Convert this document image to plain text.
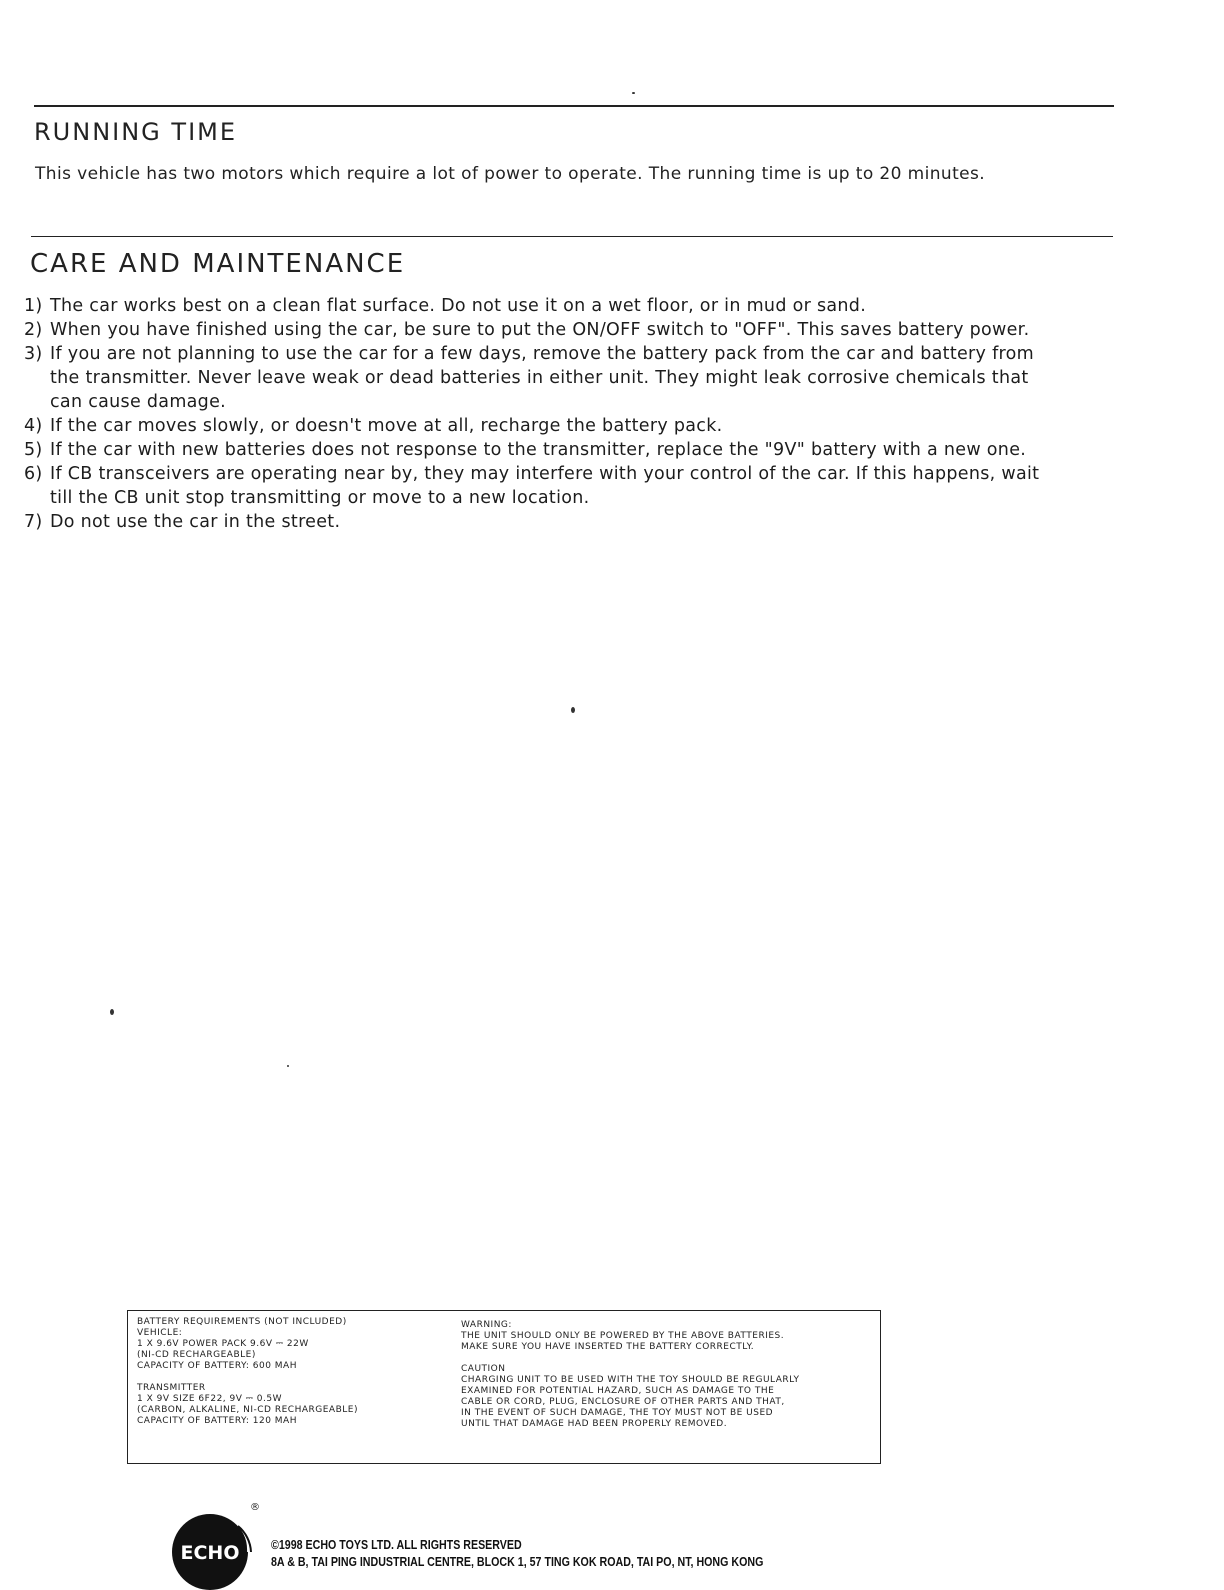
RUNNING TIME
This vehicle has two motors which require a lot of power to operate. The running time is up to 20 minutes.
CARE AND MAINTENANCE
1) The car works best on a clean flat surface. Do not use it on a wet floor, or in mud or sand.
2) When you have finished using the car, be sure to put the ON/OFF switch to "OFF". This saves battery power.
3) If you are not planning to use the car for a few days, remove the battery pack from the car and battery from the transmitter. Never leave weak or dead batteries in either unit. They might leak corrosive chemicals that can cause damage.
4) If the car moves slowly, or doesn't move at all, recharge the battery pack.
5) If the car with new batteries does not response to the transmitter, replace the "9V" battery with a new one.
6) If CB transceivers are operating near by, they may interfere with your control of the car. If this happens, wait till the CB unit stop transmitting or move to a new location.
7) Do not use the car in the street.
BATTERY REQUIREMENTS (NOT INCLUDED)
VEHICLE:
1 X 9.6V POWER PACK 9.6V ⎓ 22W
(NI-CD RECHARGEABLE)
CAPACITY OF BATTERY: 600 MAH
TRANSMITTER
1 X 9V SIZE 6F22, 9V ⎓ 0.5W
(CARBON, ALKALINE, NI-CD RECHARGEABLE)
CAPACITY OF BATTERY: 120 MAH
WARNING:
THE UNIT SHOULD ONLY BE POWERED BY THE ABOVE BATTERIES.
MAKE SURE YOU HAVE INSERTED THE BATTERY CORRECTLY.
CAUTION
CHARGING UNIT TO BE USED WITH THE TOY SHOULD BE REGULARLY
EXAMINED FOR POTENTIAL HAZARD, SUCH AS DAMAGE TO THE
CABLE OR CORD, PLUG, ENCLOSURE OF OTHER PARTS AND THAT,
IN THE EVENT OF SUCH DAMAGE, THE TOY MUST NOT BE USED
UNTIL THAT DAMAGE HAD BEEN PROPERLY REMOVED.
ECHO
®
©1998 ECHO TOYS LTD. ALL RIGHTS RESERVED
8A & B, TAI PING INDUSTRIAL CENTRE, BLOCK 1, 57 TING KOK ROAD, TAI PO, NT, HONG KONG
